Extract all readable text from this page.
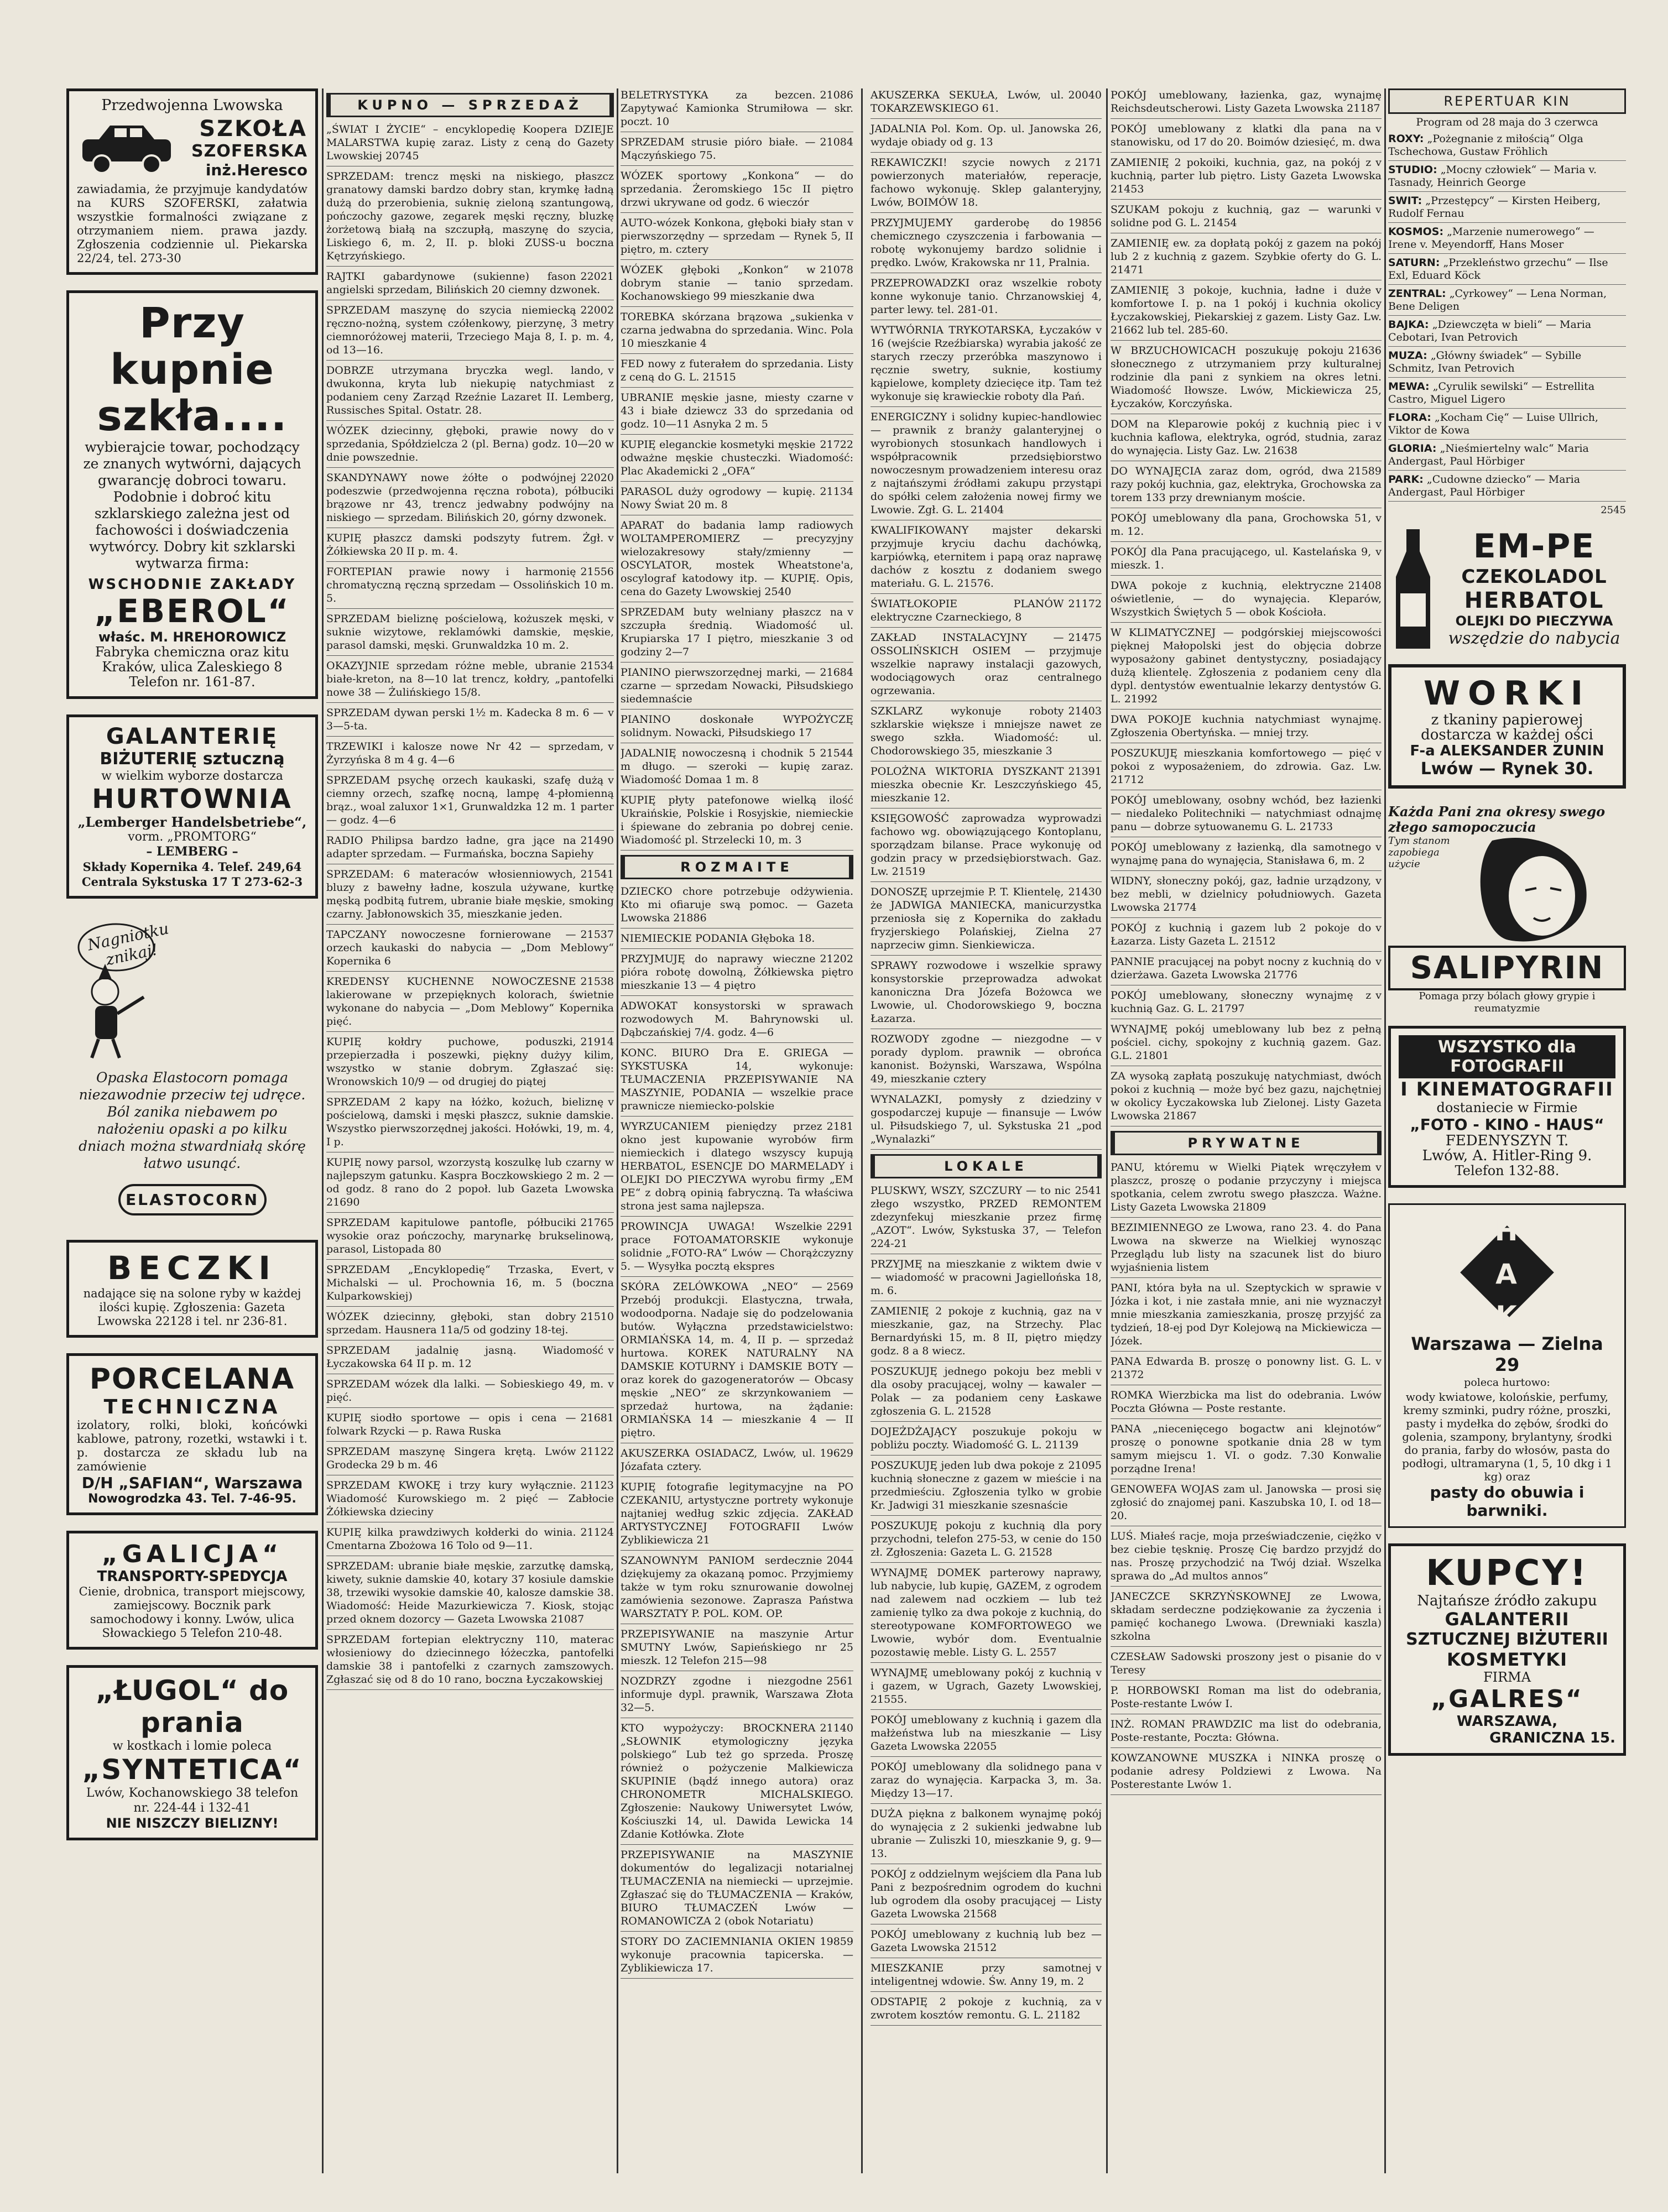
Przedwojenna Lwowska
SZKOŁA
SZOFERSKA
inż.Heresco
zawiadamia, że przyjmuje kandydatów na KURS SZOFERSKI, załatwia wszystkie formalności związane z otrzymaniem niem. prawa jazdy. Zgłoszenia codziennie ul. Piekarska 22/24, tel. 273-30
Przy kupnie
szkła....
wybierajcie towar, pochodzący ze znanych wytwórni, dających gwarancję dobroci towaru. Podobnie i dobroć kitu szklarskiego zależna jest od fachowości i doświadczenia wytwórcy. Dobry kit szklarski wytwarza firma:
WSCHODNIE ZAKŁADY
„EBEROL“
właśc. M. HREHOROWICZ
Fabryka chemiczna oraz kitu Kraków, ulica Zaleskiego 8 Telefon nr. 161-87.
GALANTERIĘ
BIŻUTERIĘ sztuczną
w wielkim wyborze dostarcza
HURTOWNIA
„Lemberger Handelsbetriebe“,
vorm. „PROMTORG“
– LEMBERG –
Składy Kopernika 4. Telef. 249,64 Centrala Sykstuska 17 T 273-62-3
Nagniotku znikaj!
Opaska Elastocorn pomaga niezawodnie przeciw tej udręce. Ból zanika niebawem po nałożeniu opaski a po kilku dniach można stwardniałą skórę łatwo usunąć.
ELASTOCORN
BECZKI
nadające się na solone ryby w każdej ilości kupię. Zgłoszenia: Gazeta Lwowska 22128 i tel. nr 236-81.
PORCELANA
TECHNICZNA
izolatory, rolki, bloki, końcówki kablowe, patrony, rozetki, wstawki i t. p. dostarcza ze składu lub na zamówienie
D/H „SAFIAN“, Warszawa
Nowogrodzka 43. Tel. 7-46-95.
„GALICJA“
TRANSPORTY-SPEDYCJA
Cienie, drobnica, transport miejscowy, zamiejscowy. Bocznik park samochodowy i konny. Lwów, ulica Słowackiego 5 Telefon 210-48.
„ŁUGOL“ do prania
w kostkach i lomie poleca
„SYNTETICA“
Lwów, Kochanowskiego 38 telefon nr. 224-44 i 132-41
NIE NISZCZY BIELIZNY!
KUPNO — SPRZEDAŻ
„ŚWIAT I ŻYCIE“ – encyklopedię Koopera DZIEJE MALARSTWA kupię zaraz. Listy z ceną do Gazety Lwowskiej 20745
SPRZEDAM: trencz męski na niskiego, płaszcz granatowy damski bardzo dobry stan, krymkę ładną dużą do przerobienia, suknię zieloną szantungową, pończochy gazowe, zegarek męski ręczny, bluzkę żorżetową białą na szczupłą, maszynę do szycia, Liskiego 6, m. 2, II. p. bloki ZUSS-u boczna Kętrzyńskiego.
22021
RAJTKI gabardynowe (sukienne) fason angielski sprzedam, Bilińskich 20 ciemny dzwonek.
22002
SPRZEDAM maszynę do szycia niemiecką ręczno-nożną, system czółenkowy, pierzynę, 3 metry ciemnoróżowej materii, Trzeciego Maja 8, I. p. m. 4, od 13—16.
v
DOBRZE utrzymana bryczka wegl. lando, dwukonna, kryta lub niekupię natychmiast z podaniem ceny Zarząd Rzeźnie Lazaret II. Lemberg, Russisches Spital. Ostatr. 28.
v
WÓZEK dziecinny, głęboki, prawie nowy do sprzedania, Spółdzielcza 2 (pl. Berna) godz. 10—20 w dnie powszednie.
22020
SKANDYNAWY nowe żółte o podwójnej podeszwie (przedwojenna ręczna robota), półbuciki brązowe nr 43, trencz jedwabny podwójny na niskiego — sprzedam. Bilińskich 20, górny dzwonek.
v
KUPIĘ płaszcz damski podszyty futrem. Żgł. Żółkiewska 20 II p. m. 4.
21556
FORTEPIAN prawie nowy i harmonię chromatyczną ręczną sprzedam — Ossolińskich 10 m. 5.
v
SPRZEDAM bieliznę pościelową, kożuszek męski, suknie wizytowe, reklamówki damskie, męskie, parasol damski, męski. Grunwaldzka 10 m. 2.
21534
OKAZYJNIE sprzedam różne meble, ubranie białe-kreton, na 8—10 lat trencz, kołdry, „pantofelki nowe 38 — Żulińskiego 15/8.
v
SPRZEDAM dywan perski 1½ m. Kadecka 8 m. 6 — 3—5-ta.
v
TRZEWIKI i kalosze nowe Nr 42 — sprzedam, Żyrzyńska 8 m 4 g. 4—6
v
SPRZEDAM psychę orzech kaukaski, szafę dużą ciemny orzech, szafkę nocną, lampę 4-płomienną brąz., woal zaluxor 1×1, Grunwaldzka 12 m. 1 parter — godz. 4—6
21490
RADIO Philipsa bardzo ładne, gra jące na adapter sprzedam. — Furmańska, boczna Sapiehy
21541
SPRZEDAM: 6 materaców włosienniowych, bluzy z bawełny ładne, koszula używane, kurtkę męską podbitą futrem, ubranie białe męskie, smoking czarny. Jabłonowskich 35, mieszkanie jeden.
21537
TAPCZANY nowoczesne fornierowane — orzech kaukaski do nabycia — „Dom Meblowy“ Kopernika 6
21538
KREDENSY KUCHENNE NOWOCZESNE lakierowane w przepięknych kolorach, świetnie wykonane do nabycia — „Dom Meblowy“ Kopernika pięć.
21914
KUPIĘ kołdry puchowe, poduszki, przepierzadła i poszewki, piękny dużyy kilim, wszystko w stanie dobrym. Zgłaszać się: Wronowskich 10/9 — od drugiej do piątej
v
SPRZEDAM 2 kapy na łóżko, kożuch, bieliznę pościelową, damski i męski płaszcz, suknie damskie. Wszystko pierwszorzędnej jakości. Hołówki, 19, m. 4, I p.
KUPIĘ nowy parsol, wzorzystą koszulkę lub czarny w najlepszym gatunku. Kaspra Boczkowskiego 2 m. 2 — od godz. 8 rano do 2 popoł. lub Gazeta Lwowska 21690
21765
SPRZEDAM kapitulowe pantofle, półbuciki wysokie oraz pończochy, marynarkę brukselinową, parasol, Listopada 80
v
SPRZEDAM „Encyklopedię“ Trzaska, Evert, Michalski — ul. Prochownia 16, m. 5 (boczna Kulparkowskiej)
21510
WÓZEK dziecinny, głęboki, stan dobry sprzedam. Hausnera 11a/5 od godziny 18-tej.
v
SPRZEDAM jadalnię jasną. Wiadomość Łyczakowska 64 II p. m. 12
v
SPRZEDAM wózek dla lalki. — Sobieskiego 49, m. pięć.
21681
KUPIĘ siodło sportowe — opis i cena — folwark Rzycki — p. Rawa Ruska
21122
SPRZEDAM maszynę Singera krętą. Lwów Grodecka 29 b m. 46
21123
SPRZEDAM KWOKĘ i trzy kury wyłącznie. Wiadomość Kurowskiego m. 2 pięć — Zabłocie Żółkiewska dzieciny
21124
KUPIĘ kilka prawdziwych kołderki do winia. Cmentarna Zbożowa 16 Tolo od 9—11.
SPRZEDAM: ubranie białe męskie, zarzutkę damską, kiwety, suknie damskie 40, kotary 37 kosiule damskie 38, trzewiki wysokie damskie 40, kalosze damskie 38. Wiadomość: Heide Mazurkiewicza 7. Kiosk, stojąc przed oknem dozorcy — Gazeta Lwowska 21087
SPRZEDAM fortepian elektryczny 110, materac włosieniowy do dziecinnego łóżeczka, pantofelki damskie 38 i pantofelki z czarnych zamszowych. Zgłaszać się od 8 do 10 rano, boczna Łyczakowskiej
21086
BELETRYSTYKA za bezcen. Zapytywać Kamionka Strumiłowa — skr. poczt. 10
21084
SPRZEDAM strusie pióro białe. — Mączyńskiego 75.
WÓZEK sportowy „Konkona“ — do sprzedania. Żeromskiego 15c II piętro drzwi ukrywane od godz. 6 wieczór
v
AUTO-wózek Konkona, głęboki biały stan pierwszorzędny — sprzedam — Rynek 5, II piętro, m. cztery
21078
WÓZEK głęboki „Konkon“ w dobrym stanie — tanio sprzedam. Kochanowskiego 99 mieszkanie dwa
v
TOREBKA skórzana brązowa „sukienka czarna jedwabna do sprzedania. Winc. Pola 10 mieszkanie 4
FED nowy z futerałem do sprzedania. Listy z ceną do G. L. 21515
v
UBRANIE męskie jasne, miesty czarne 43 i białe dziewcz 33 do sprzedania od godz. 10—11 Asnyka 2 m. 5
21722
KUPIĘ eleganckie kosmetyki męskie odważne męskie chusteczki. Wiadomość: Plac Akademicki 2 „OFA“
21134
PARASOL duży ogrodowy — kupię. Nowy Świat 20 m. 8
APARAT do badania lamp radiowych WOLTAMPEROMIERZ — precyzyjny wielozakresowy stały/zmienny — OSCYLATOR, mostek Wheatstone'a, oscylograf katodowy itp. — KUPIĘ. Opis, cena do Gazety Lwowskiej 2540
v
SPRZEDAM buty welniany płaszcz na szczupła średnią. Wiadomość ul. Krupiarska 17 I piętro, mieszkanie 3 od godziny 2—7
21684
PIANINO pierwszorzędnej marki, — czarne — sprzedam Nowacki, Piłsudskiego siedemnaście
PIANINO doskonałe WYPOŻYCZĘ solidnym. Nowacki, Piłsudskiego 17
21544
JADALNIĘ nowoczesną i chodnik 5 m długo. — szeroki — kupię zaraz. Wiadomość Domaa 1 m. 8
KUPIĘ płyty patefonowe wielką ilość Ukraińskie, Polskie i Rosyjskie, niemieckie i śpiewane do zebrania po dobrej cenie. Wiadomość pl. Strzelecki 10, m. 3
ROZMAITE
DZIECKO chore potrzebuje odżywienia. Kto mi ofiaruje swą pomoc. — Gazeta Lwowska 21886
NIEMIECKIE PODANIA Głęboka 18.
21202
PRZYJMUJĘ do naprawy wieczne pióra robotę dowolną, Żółkiewska piętro mieszkanie 13 — 4 piętro
ADWOKAT konsystorski w sprawach rozwodowych M. Bahrynowski ul. Dąbczańskiej 7/4. godz. 4—6
KONC. BIURO Dra E. GRIEGA — SYKSTUSKA 14, wykonuje: TŁUMACZENIA PRZEPISYWANIE NA MASZYNIE, PODANIA — wszelkie prace prawnicze niemiecko-polskie
2181
WYRZUCANIEM pieniędzy przez okno jest kupowanie wyrobów firm niemieckich i dlatego wszyscy kupują HERBATOL, ESENCJE DO MARMELADY i OLEJKI DO PIECZYWA wyrobu firmy „EM PE“ z dobrą opinią fabryczną. Ta właściwa strona jest sama najlepsza.
2291
PROWINCJA UWAGA! Wszelkie prace FOTOAMATORSKIE wykonuje solidnie „FOTO-RA“ Lwów — Chorążczyzny 5. — Wysyłka pocztą ekspres
2569
SKÓRA ZELÓWKOWA „NEO“ — Przebój produkcji. Elastyczna, trwała, wodoodporna. Nadaje się do podzelowania butów. Wyłączna przedstawicielstwo: ORMIAŃSKA 14, m. 4, II p. — sprzedaż hurtowa. KOREK NATURALNY NA DAMSKIE KOTURNY i DAMSKIE BOTY — oraz korek do gazogeneratorów — Obcasy męskie „NEO“ ze skrzynkowaniem — sprzedaż hurtowa, na żądanie: ORMIAŃSKA 14 — mieszkanie 4 — II piętro.
19629
AKUSZERKA OSIADACZ, Lwów, ul. Józafata cztery.
KUPIĘ fotografie legitymacyjne na PO CZEKANIU, artystyczne portrety wykonuje najtaniej według szkic zdjęcia. ZAKŁAD ARTYSTYCZNEJ FOTOGRAFII Lwów Zyblikiewicza 21
2044
SZANOWNYM PANIOM serdecznie dziękujemy za okazaną pomoc. Przyjmiemy także w tym roku sznurowanie dowolnej zamówienia sezonowe. Zaprasza Państwa WARSZTATY P. POL. KOM. OP.
PRZEPISYWANIE na maszynie Artur SMUTNY Lwów, Sapieńskiego nr 25 mieszk. 12 Telefon 215—98
2561
NOZDRZY zgodne i niezgodne informuje dypl. prawnik, Warszawa Złota 32—5.
21140
KTO wypożyczy: BROCKNERA „SŁOWNIK etymologiczny języka polskiego“ Lub też go sprzeda. Proszę również o pożyczenie Malkiewicza SKUPINIE (bądź innego autora) oraz CHRONOMETR MICHALSKIEGO. Zgłoszenie: Naukowy Uniwersytet Lwów, Kościuszki 14, ul. Dawida Lewicka 14 Zdanie Kotłówka. Złote
PRZEPISYWANIE na MASZYNIE dokumentów do legalizacji notarialnej TŁUMACZENIA na niemiecki — uprzejmie. Zgłaszać się do TŁUMACZENIA — Kraków, BIURO TŁUMACZEŃ Lwów — ROMANOWICZA 2 (obok Notariatu)
19859
STORY DO ZACIEMNIANIA OKIEN wykonuje pracownia tapicerska. — Zyblikiewicza 17.
20040
AKUSZERKA SEKUŁA, Lwów, ul. TOKARZEWSKIEGO 61.
JADALNIA Pol. Kom. Op. ul. Janowska 26, wydaje obiady od g. 13
2171
REKAWICZKI! szycie nowych z powierzonych materiałów, reperacje, fachowo wykonuję. Sklep galanteryjny, Lwów, BOIMÓW 18.
19856
PRZYJMUJEMY garderobę do chemicznego czyszczenia i farbowania — robotę wykonujemy bardzo solidnie i prędko. Lwów, Krakowska nr 11, Pralnia.
PRZEPROWADZKI oraz wszelkie roboty konne wykonuje tanio. Chrzanowskiej 4, parter lewy. tel. 281-01.
v
WYTWÓRNIA TRYKOTARSKA, Łyczaków 16 (wejście Rzeźbiarska) wyrabia jakość ze starych rzeczy przeróbka maszynowo i ręcznie swetry, suknie, kostiumy kąpielowe, komplety dziecięce itp. Tam też wykonuje się krawieckie roboty dla Pań.
ENERGICZNY i solidny kupiec-handlowiec — prawnik z branży galanteryjnej o wyrobionych stosunkach handlowych i współpracownik przedsiębiorstwo nowoczesnym prowadzeniem interesu oraz z najtańszymi źródłami zakupu przystąpi do spółki celem założenia nowej firmy we Lwowie. Zgł. G. L. 21404
KWALIFIKOWANY majster dekarski przyjmuje kryciu dachu dachówką, karpiówką, eternitem i papą oraz naprawę dachów z kosztu z dodaniem swego materiału. G. L. 21576.
21172
ŚWIATŁOKOPIE PLANÓW elektryczne Czarneckiego, 8
21475
ZAKŁAD INSTALACYJNY — OSSOLIŃSKICH OSIEM — przyjmuje wszelkie naprawy instalacji gazowych, wodociągowych oraz centralnego ogrzewania.
21403
SZKLARZ wykonuje roboty szklarskie większe i mniejsze nawet ze swego szkła. Wiadomość: ul. Chodorowskiego 35, mieszkanie 3
21391
POLOŻNA WIKTORIA DYSZKANT mieszka obecnie Kr. Leszczyńskiego 45, mieszkanie 12.
KSIĘGOWOŚĆ zaprowadza wyprowadzi fachowo wg. obowiązującego Kontoplanu, sporządzam bilanse. Prace wykonuję od godzin pracy w przedsiębiorstwach. Gaz. Lw. 21519
21430
DONOSZĘ uprzejmie P. T. Klientelę, że JADWIGA MANIECKA, manicurzystka przeniosła się z Kopernika do zakładu fryzjerskiego Polańskiej, Zielna 27 naprzeciw gimn. Sienkiewicza.
SPRAWY rozwodowe i wszelkie sprawy konsystorskie przeprowadza adwokat kanoniczna Dra Józefa Bożowca we Lwowie, ul. Chodorowskiego 9, boczna Łazarza.
v
ROZWODY zgodne — niezgodne — porady dyplom. prawnik — obrońca kanonist. Bożynski, Warszawa, Wspólna 49, mieszkanie cztery
v
WYNALAZKI, pomysły z dziedziny gospodarczej kupuje — finansuje — Lwów ul. Piłsudskiego 7, ul. Sykstuska 21 „pod „Wynalazki“
LOKALE
2541
PLUSKWY, WSZY, SZCZURY — to nic złego wszystko, PRZED REMONTEM zdezynfekuj mieszkanie przez firmę „AZOT“. Lwów, Sykstuska 37, — Telefon 224-21
v
PRZYJMĘ na mieszkanie z wiktem dwie — wiadomość w pracowni Jagiellońska 18, m. 6.
v
ZAMIENIĘ 2 pokoje z kuchnią, gaz na mieszkanie, gaz, na Strzechy. Plac Bernardyński 15, m. 8 II, piętro między godz. 8 a 8 wiecz.
v
POSZUKUJĘ jednego pokoju bez mebli dla osoby pracującej, wolny — kawaler — Polak — za podaniem ceny Łaskawe zgłoszenia G. L. 21528
DOJEŻDŻAJĄCY poszukuje pokoju w pobliżu poczty. Wiadomość G. L. 21139
21095
POSZUKUJĘ jeden lub dwa pokoje z kuchnią słoneczne z gazem w mieście i na przedmieściu. Zgłoszenia tylko w grobie Kr. Jadwigi 31 mieszkanie szesnaście
POSZUKUJĘ pokoju z kuchnią dla pory przychodni, telefon 275-53, w cenie do 150 zł. Zgłoszenia: Gazeta L. G. 21528
WYNAJMĘ DOMEK parterowy naprawy, lub nabycie, lub kupię, GAZEM, z ogrodem nad zalewem nad oczkiem — lub też zamienię tylko za dwa pokoje z kuchnią, do stereotypowane KOMFORTOWEGO we Lwowie, wybór dom. Eventualnie pozostawię meble. Listy G. L. 2557
v
WYNAJMĘ umeblowany pokój z kuchnią i gazem, w Ugrach, Gazety Lwowskiej, 21555.
POKÓJ umeblowany z kuchnią i gazem dla małżeństwa lub na mieszkanie — Lisy Gazeta Lwowska 22055
v
POKÓJ umeblowany dla solidnego pana zaraz do wynajęcia. Karpacka 3, m. 3a. Między 13—17.
DUŻA piękna z balkonem wynajmę pokój do wynajęcia z 2 sukienki jedwabne lub ubranie — Zuliszki 10, mieszkanie 9, g. 9—13.
POKÓJ z oddzielnym wejściem dla Pana lub Pani z bezpośrednim ogrodem do kuchni lub ogrodem dla osoby pracującej — Listy Gazeta Lwowska 21568
POKÓJ umeblowany z kuchnią lub bez — Gazeta Lwowska 21512
v
MIESZKANIE przy samotnej inteligentnej wdowie. Św. Anny 19, m. 2
v
ODSTAPIĘ 2 pokoje z kuchnią, za zwrotem kosztów remontu. G. L. 21182
POKÓJ umeblowany, łazienka, gaz, wynajmę Reichsdeutscherowi. Listy Gazeta Lwowska 21187
v
POKÓJ umeblowany z klatki dla pana na stanowisku, od 17 do 20. Boimów dziesięć, m. dwa
v
ZAMIENIĘ 2 pokoiki, kuchnia, gaz, na pokój z kuchnią, parter lub piętro. Listy Gazeta Lwowska 21453
v
SZUKAM pokoju z kuchnią, gaz — warunki solidne pod G. L. 21454
ZAMIENIĘ ew. za dopłatą pokój z gazem na pokój lub 2 z kuchnią z gazem. Szybkie oferty do G. L. 21471
v
ZAMIENIĘ 3 pokoje, kuchnia, ładne i duże komfortowe I. p. na 1 pokój i kuchnia okolicy Łyczakowskiej, Piekarskiej z gazem. Listy Gaz. Lw. 21662 lub tel. 285-60.
21636
W BRZUCHOWICACH poszukuję pokoju słonecznego z utrzymaniem przy kulturalnej rodzinie dla pani z synkiem na okres letni. Wiadomość Iłowsze. Lwów, Mickiewicza 25, Łyczaków, Korczyńska.
v
DOM na Kleparowie pokój z kuchnią piec i kuchnia kaflowa, elektryka, ogród, studnia, zaraz do wynajęcia. Listy Gaz. Lw. 21638
21589
DO WYNAJĘCIA zaraz dom, ogród, dwa razy pokój kuchnia, gaz, elektryka, Grochowska za torem 133 przy drewnianym moście.
v
POKÓJ umeblowany dla pana, Grochowska 51, m. 12.
v
POKÓJ dla Pana pracującego, ul. Kastelańska 9, mieszk. 1.
21408
DWA pokoje z kuchnią, elektryczne oświetlenie, — do wynajęcia. Kleparów, Wszystkich Świętych 5 — obok Kościoła.
W KLIMATYCZNEJ — podgórskiej miejscowości pięknej Małopolski jest do objęcia dobrze wyposażony gabinet dentystyczny, posiadający dużą klientelę. Zgłoszenia z podaniem ceny dla dypl. dentystów ewentualnie lekarzy dentystów G. L. 21992
DWA POKOJE kuchnia natychmiast wynajmę. Zgłoszenia Obertyńska. — mniej trzy.
v
POSZUKUJĘ mieszkania komfortowego — pięć pokoi z wyposażeniem, do zdrowia. Gaz. Lw. 21712
POKÓJ umeblowany, osobny wchód, bez łazienki — niedaleko Politechniki — natychmiast odnajmę panu — dobrze sytuowanemu G. L. 21733
v
POKÓJ umeblowany z łazienką, dla samotnego wynajmę pana do wynajęcia, Stanisława 6, m. 2
v
WIDNY, słoneczny pokój, gaz, ładnie urządzony, bez mebli, w dzielnicy południowych. Gazeta Lwowska 21774
v
POKÓJ z kuchnią i gazem lub 2 pokoje do Łazarza. Listy Gazeta L. 21512
v
PANNIE pracującej na pobyt nocny z kuchnią do dzierżawa. Gazeta Lwowska 21776
v
POKÓJ umeblowany, słoneczny wynajmę z kuchnią Gaz. G. L. 21797
WYNAJMĘ pokój umeblowany lub bez z pełną pościel. cichy, spokojny z kuchnią gazem. Gaz. G.L. 21801
ZA wysoką zapłatą poszukuję natychmiast, dwóch pokoi z kuchnią — może być bez gazu, najchętniej w okolicy Łyczakowska lub Zielonej. Listy Gazeta Lwowska 21867
PRYWATNE
v
PANU, któremu w Wielki Piątek wręczyłem plaszcz, proszę o podanie przyczyny i miejsca spotkania, celem zwrotu swego płaszcza. Ważne. Listy Gazeta Lwowska 21809
BEZIMIENNEGO ze Lwowa, rano 23. 4. do Pana Lwowa na skwerze na Wielkiej wynosząc Przeglądu lub listy na szacunek list do biuro wyjaśnienia listem
v
PANI, która była na ul. Szeptyckich w sprawie Józka i kot, i nie zastała mnie, ani nie wyznaczył mnie mieszkania zamieszkania, proszę przyjść za tydzień, 18-ej pod Dyr Kolejową na Mickiewicza — Józek.
v
PANA Edwarda B. proszę o ponowny list. G. L. 21372
ROMKA Wierzbicka ma list do odebrania. Lwów Poczta Główna — Poste restante.
PANA „niecenięcego bogactw ani klejnotów“ proszę o ponowne spotkanie dnia 28 w tym samym miejscu 1. VI. o godz. 7.30 Konwalie porządne Irena!
GENOWEFA WOJAS zam ul. Janowska — prosi się zgłosić do znajomej pani. Kaszubska 10, I. od 18—20.
v
LUŚ. Miałeś racje, moja przeświadczenie, ciężko bez ciebie tęsknię. Proszę Cię bardzo przyjdź do nas. Proszę przychodzić na Twój dział. Wszelka sprawa do „Ad multos annos“
JANECZCE SKRZYŃSKOWNEJ ze Lwowa, składam serdeczne podziękowanie za życzenia i pamięć kochanego Lwowa. (Drewniaki kaszla) szkolna
v
CZESŁAW Sadowski proszony jest o pisanie do Teresy
P. HORBOWSKI Roman ma list do odebrania, Poste-restante Lwów I.
INŻ. ROMAN PRAWDZIC ma list do odebrania, Poste-restante, Poczta: Główna.
KOWZANOWNE MUSZKA i NINKA proszę o podanie adresy Poldziewi z Lwowa. Na Posterestante Lwów 1.
REPERTUAR KIN
Program od 28 maja do 3 czerwca
ROXY: „Pożegnanie z miłością“ Olga Tschechowa, Gustaw Fröhlich
STUDIO: „Mocny człowiek“ — Maria v. Tasnady, Heinrich George
SWIT: „Przestępcy“ — Kirsten Heiberg, Rudolf Fernau
KOSMOS: „Marzenie numerowego“ — Irene v. Meyendorff, Hans Moser
SATURN: „Przekleństwo grzechu“ — Ilse Exl, Eduard Köck
ZENTRAL: „Cyrkowey“ — Lena Norman, Bene Deligen
BAJKA: „Dziewczęta w bieli“ — Maria Cebotari, Ivan Petrovich
MUZA: „Główny świadek“ — Sybille Schmitz, Ivan Petrovich
MEWA: „Cyrulik sewilski“ — Estrellita Castro, Miguel Ligero
FLORA: „Kocham Cię“ — Luise Ullrich, Viktor de Kowa
GLORIA: „Nieśmiertelny walc“ Maria Andergast, Paul Hörbiger
PARK: „Cudowne dziecko“ — Maria Andergast, Paul Hörbiger
2545
EM-PE
CZEKOLADOL
HERBATOL
OLEJKI DO PIECZYWA
wszędzie do nabycia
WORKI
z tkaniny papierowej
dostarcza w każdej ości
F-a ALEKSANDER ZUNIN
Lwów — Rynek 30.
Każda Pani zna okresy swego złego samopoczucia
Tym stanom zapobiega użycie
SALIPYRIN
Pomaga przy bólach głowy grypie i reumatyzmie
WSZYSTKO dla FOTOGRAFII
I KINEMATOGRAFII
dostaniecie w Firmie
„FOTO - KINO - HAUS“
FEDENYSZYN T.
Lwów, A. Hitler-Ring 9.
Telefon 132-88.
H
A
K
Warszawa — Zielna 29
poleca hurtowo:
wody kwiatowe, kolońskie, perfumy, kremy szminki, pudry różne, proszki, pasty i mydełka do zębów, środki do golenia, szampony, brylantyny, środki do prania, farby do włosów, pasta do podłogi, ultramaryna (1, 5, 10 dkg i 1 kg) oraz
pasty do obuwia i barwniki.
KUPCY!
Najtańsze źródło zakupu
GALANTERII
SZTUCZNEJ BIŻUTERII
KOSMETYKI
FIRMA
„GALRES“
WARSZAWA,
GRANICZNA 15.
